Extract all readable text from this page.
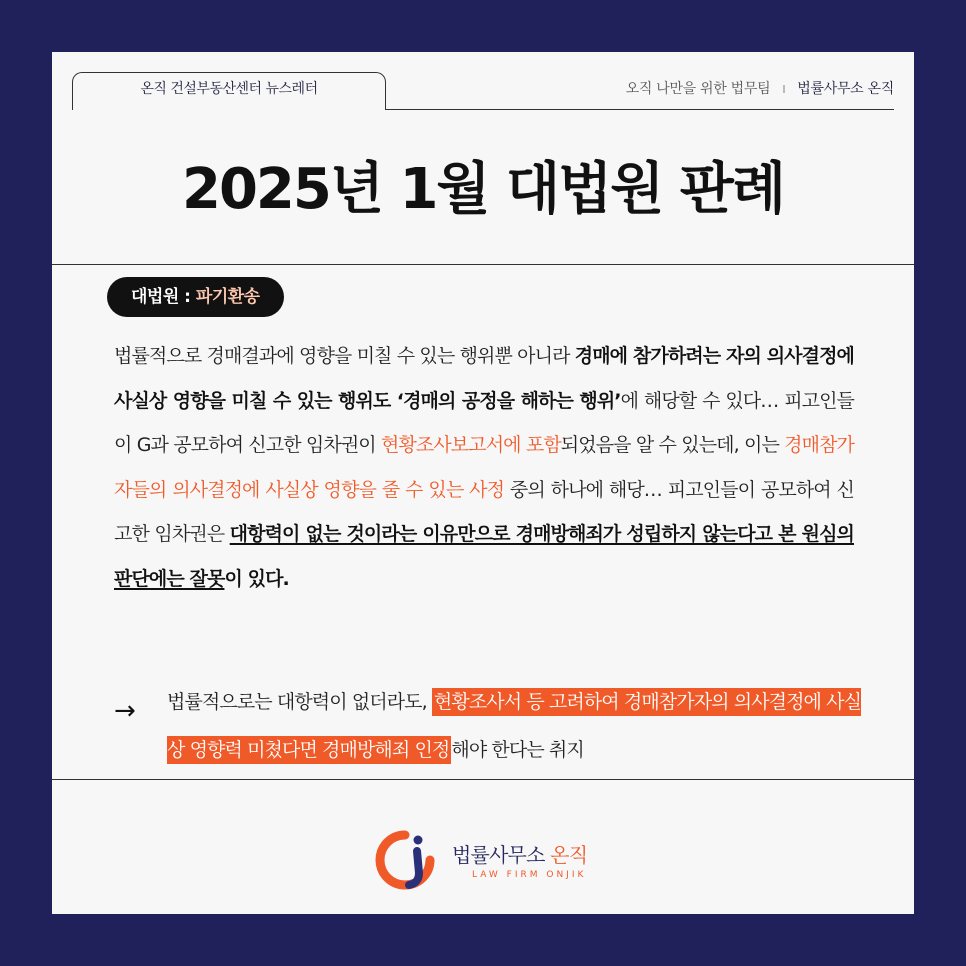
온직 건설부동산센터 뉴스레터	오직 나만을 위한 법무팀 I 법률사무소 온직
2025년 1월 대법원 판례
대법원 : 파기환송
법률적으로 경매결과에 영향을 미칠 수 있는 행위뿐 아니라 경매에 참가하려는 자의 의사결정에 사실상 영향을 미칠 수 있는 행위도 ‘경매의 공정을 해하는 행위’에 해당할 수 있다… 피고인들이 G과 공모하여 신고한 임차권이 현황조사보고서에 포함되었음을 알 수 있는데, 이는 경매참가자들의 의사결정에 사실상 영향을 줄 수 있는 사정 중의 하나에 해당… 피고인들이 공모하여 신고한 임차권은 대항력이 없는 것이라는 이유만으로 경매방해죄가 성립하지 않는다고 본 원심의 판단에는 잘못이 있다.
→ 법률적으로는 대항력이 없더라도, 현황조사서 등 고려하여 경매참가자의 의사결정에 사실상 영향력 미쳤다면 경매방해죄 인정 해야 한다는 취지
법률사무소 온직
LAW FIRM ONJIK
